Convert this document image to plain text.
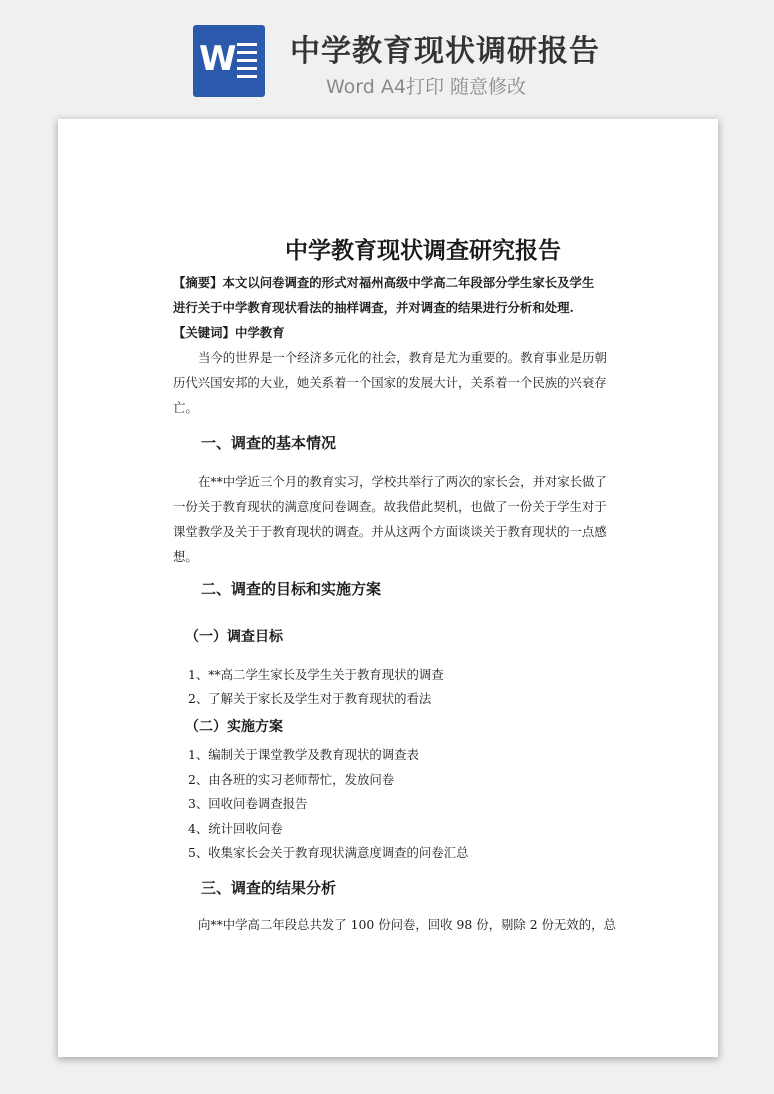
W 中学教育现状调研报告
Word A4打印 随意修改
中学教育现状调查研究报告

【摘要】本文以问卷调查的形式对福州高级中学高二年段部分学生家长及学生

进行关于中学教育现状看法的抽样调查，并对调查的结果进行分析和处理.

【关键词】中学教育

当今的世界是一个经济多元化的社会，教育是尤为重要的。教育事业是历朝

历代兴国安邦的大业，她关系着一个国家的发展大计，关系着一个民族的兴衰存

亡。

一、调查的基本情况

在**中学近三个月的教育实习，学校共举行了两次的家长会，并对家长做了

一份关于教育现状的满意度问卷调查。故我借此契机，也做了一份关于学生对于

课堂教学及关于于教育现状的调查。并从这两个方面谈谈关于教育现状的一点感

想。

二、调查的目标和实施方案
（一）调查目标
1、**高二学生家长及学生关于教育现状的调查
2、了解关于家长及学生对于教育现状的看法
（二）实施方案
1、编制关于课堂教学及教育现状的调查表
2、由各班的实习老师帮忙，发放问卷
3、回收问卷调查报告
4、统计回收问卷
5、收集家长会关于教育现状满意度调查的问卷汇总
三、调查的结果分析

向**中学高二年段总共发了 100 份问卷，回收 98 份，剔除 2 份无效的，总
